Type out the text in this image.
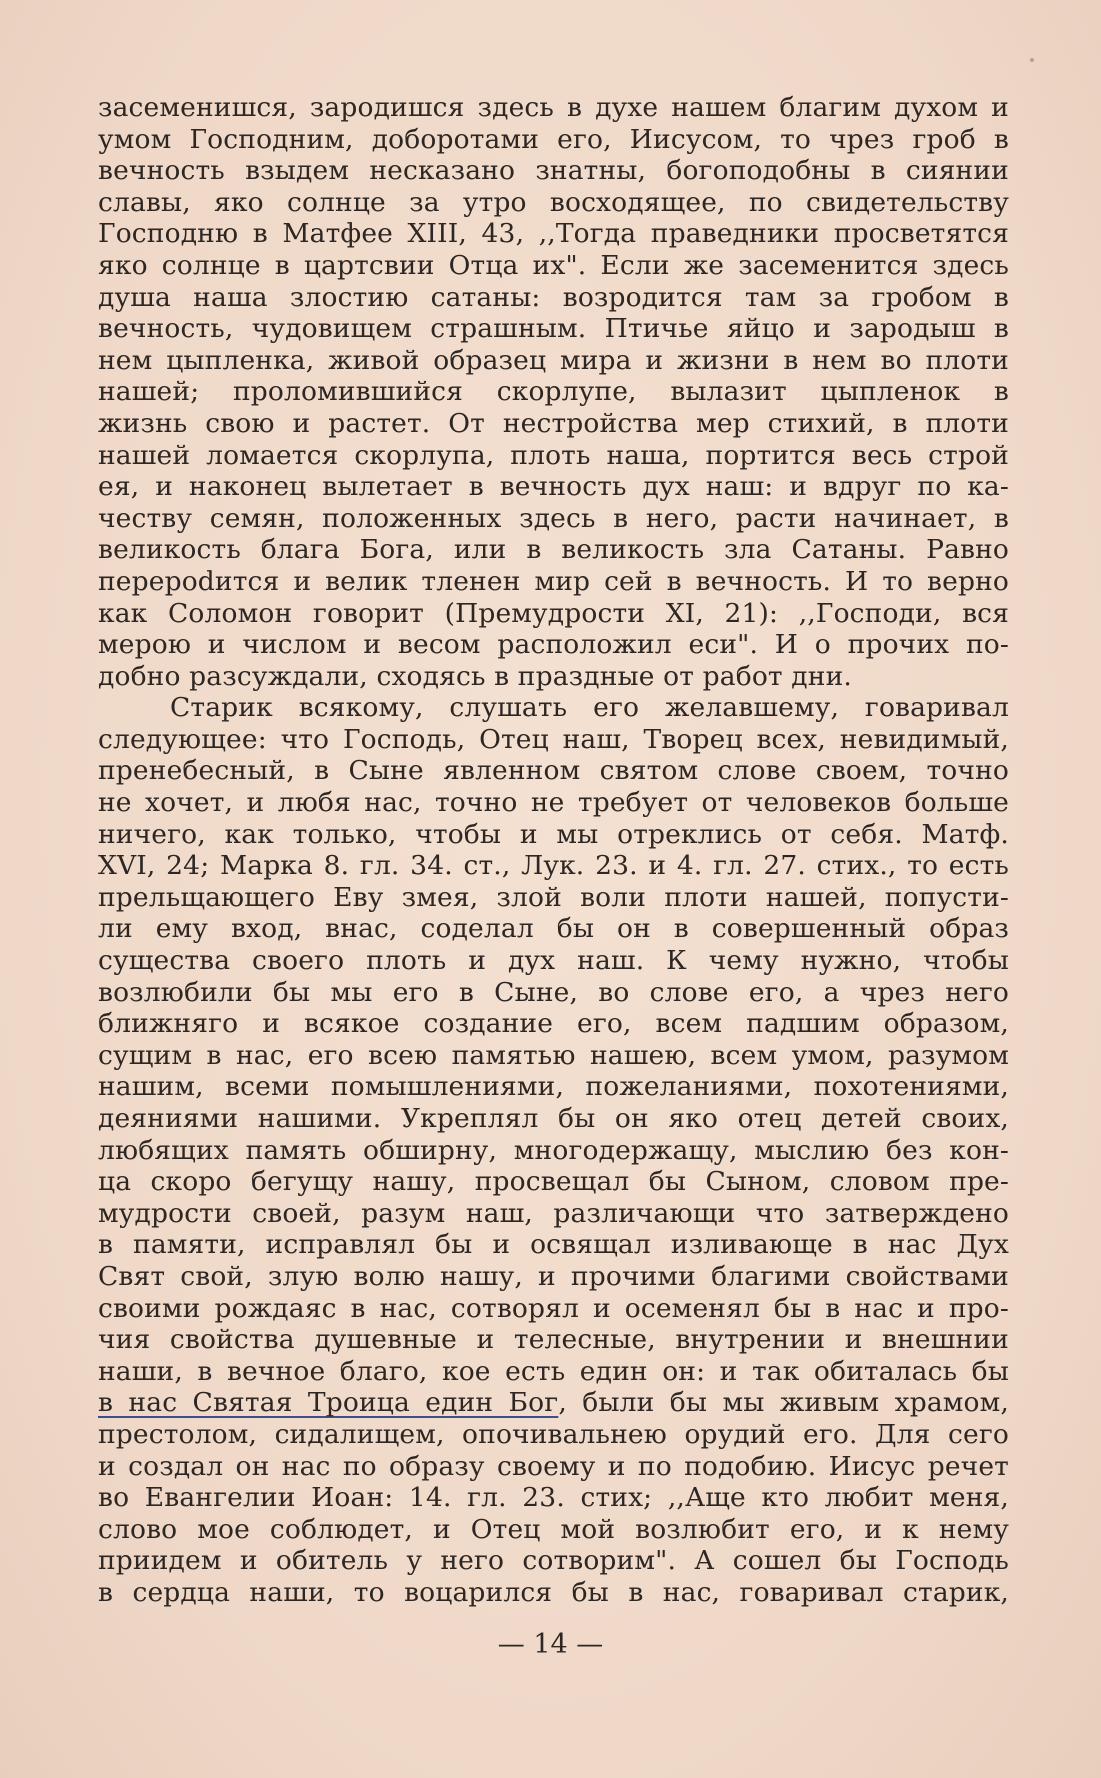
засеменишся, зародишся здесь в духе нашем благим духом и
умом Господним, доборотами его, Иисусом, то чрез гроб в
вечность взыдем несказано знатны, богоподобны в сиянии
славы, яко солнце за утро восходящее, по свидетельству
Господню в Матфее XIII, 43, ,,Тогда праведники просветятся
яко солнце в цартсвии Отца их". Если же засеменится здесь
душа наша злостию сатаны: возродится там за гробом в
вечность, чудовищем страшным. Птичье яйцо и зародыш в
нем цыпленка, живой образец мира и жизни в нем во плоти
нашей; проломившийся скорлупе, вылазит цыпленок в
жизнь свою и растет. От нестройства мер стихий, в плоти
нашей ломается скорлупа, плоть наша, портится весь строй
ея, и наконец вылетает в вечность дух наш: и вдруг по ка-
честву семян, положенных здесь в него, расти начинает, в
великость блага Бога, или в великость зла Сатаны. Равно
перерodится и велик тленен мир сей в вечность. И то верно
как Соломон говорит (Премудрости XI, 21): ,,Господи, вся
мерою и числом и весом расположил еси". И о прочих по-
добно разсуждали, сходясь в праздные от работ дни.
Старик всякому, слушать его желавшему, говаривал
следующее: что Господь, Отец наш, Творец всех, невидимый,
пренебесный, в Сыне явленном святом слове своем, точно
не хочет, и любя нас, точно не требует от человеков больше
ничего, как только, чтобы и мы отреклись от себя. Матф.
XVI, 24; Марка 8. гл. 34. ст., Лук. 23. и 4. гл. 27. стих., то есть
прельщающего Еву змея, злой воли плоти нашей, попусти-
ли ему вход, внас, соделал бы он в совершенный образ
существа своего плоть и дух наш. К чему нужно, чтобы
возлюбили бы мы его в Сыне, во слове его, а чрез него
ближняго и всякое создание его, всем падшим образом,
сущим в нас, его всею памятью нашею, всем умом, разумом
нашим, всеми помышлениями, пожеланиями, похотениями,
деяниями нашими. Укреплял бы он яко отец детей своих,
любящих память обширну, многодержащу, мыслию без кон-
ца скоро бегущу нашу, просвещал бы Сыном, словом пре-
мудрости своей, разум наш, различающи что затверждено
в памяти, исправлял бы и освящал изливающе в нас Дух
Свят свой, злую волю нашу, и прочими благими свойствами
своими рождаяс в нас, сотворял и осеменял бы в нас и про-
чия свойства душевные и телесные, внутрении и внешнии
наши, в вечное благо, кое есть един он: и так обиталась бы
в нас Святая Троица един Бог, были бы мы живым храмом,
престолом, сидалищем, опочивальнею орудий его. Для сего
и создал он нас по образу своему и по подобию. Иисус речет
во Евангелии Иоан: 14. гл. 23. стих; ,,Аще кто любит меня,
слово мое соблюдет, и Отец мой возлюбит его, и к нему
приидем и обитель у него сотворим". А сошел бы Господь
в сердца наши, то воцарился бы в нас, говаривал старик,
— 14 —
